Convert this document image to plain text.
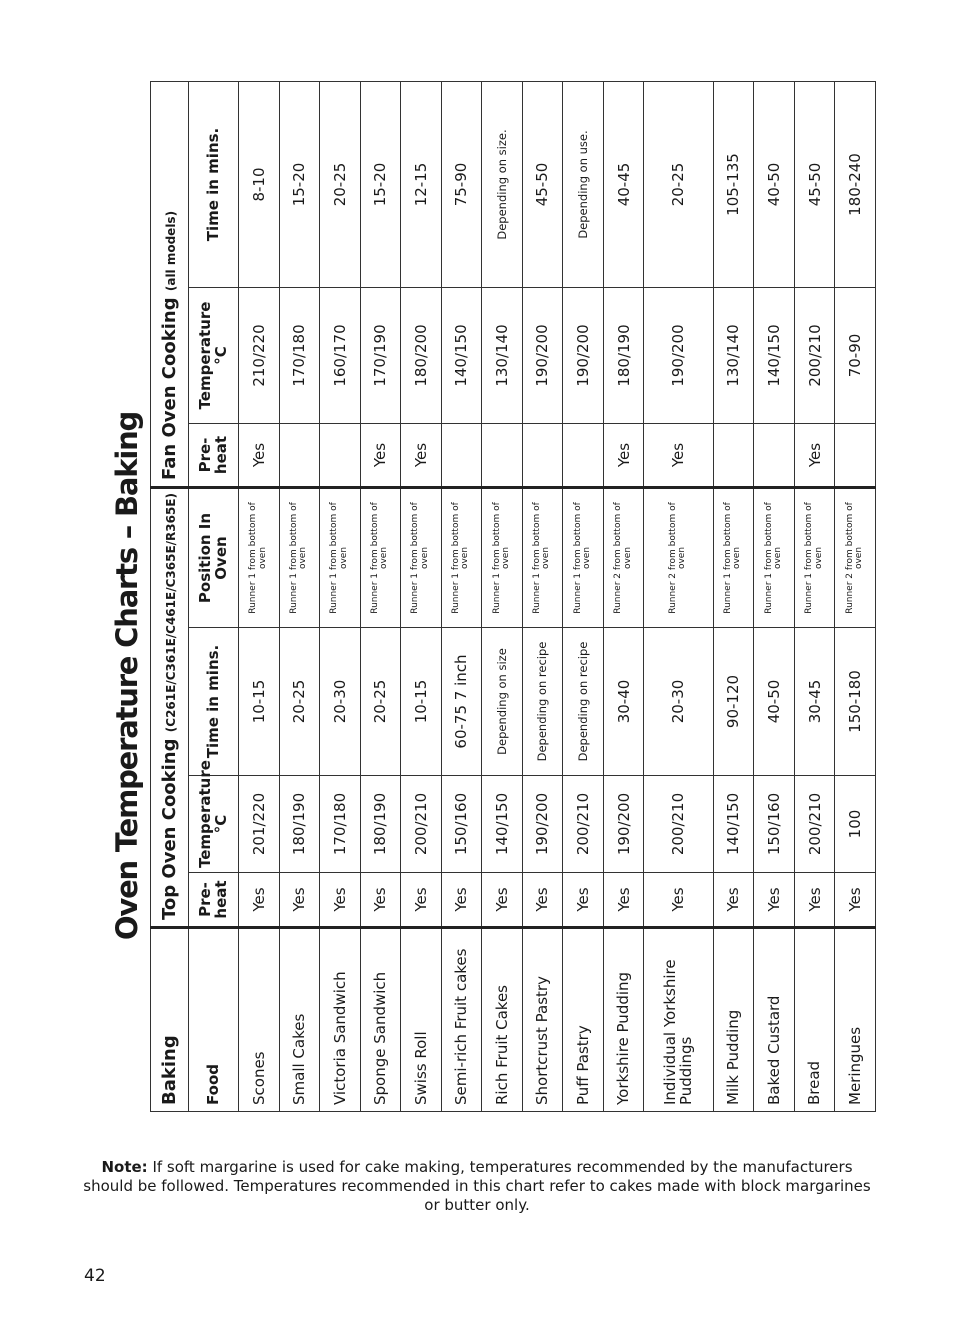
Oven Temperature Charts – Baking
Baking	Top Oven Cooking (C261E/C361E/C461E/C365E/R365E)				Fan Oven Cooking (all models)		
Food	Pre-heat	Temperature °C	Time in mins.	Position In Oven	Pre-heat	Temperature °C	Time in mins.
Scones	Yes	201/220	10-15	Runner 1 from bottom of oven	Yes	210/220	8-10
Small Cakes	Yes	180/190	20-25	Runner 1 from bottom of oven		170/180	15-20
Victoria Sandwich	Yes	170/180	20-30	Runner 1 from bottom of oven		160/170	20-25
Sponge Sandwich	Yes	180/190	20-25	Runner 1 from bottom of oven	Yes	170/190	15-20
Swiss Roll	Yes	200/210	10-15	Runner 1 from bottom of oven	Yes	180/200	12-15
Semi-rich Fruit cakes	Yes	150/160	60-75 7 inch	Runner 1 from bottom of oven		140/150	75-90
Rich Fruit Cakes	Yes	140/150	Depending on size	Runner 1 from bottom of oven		130/140	Depending on size.
Shortcrust Pastry	Yes	190/200	Depending on recipe	Runner 1 from bottom of oven		190/200	45-50
Puff Pastry	Yes	200/210	Depending on recipe	Runner 1 from bottom of oven		190/200	Depending on use.
Yorkshire Pudding	Yes	190/200	30-40	Runner 2 from bottom of oven	Yes	180/190	40-45
Individual Yorkshire Puddings	Yes	200/210	20-30	Runner 2 from bottom of oven	Yes	190/200	20-25
Milk Pudding	Yes	140/150	90-120	Runner 1 from bottom of oven		130/140	105-135
Baked Custard	Yes	150/160	40-50	Runner 1 from bottom of oven		140/150	40-50
Bread	Yes	200/210	30-45	Runner 1 from bottom of oven	Yes	200/210	45-50
Meringues	Yes	100	150-180	Runner 2 from bottom of oven		70-90	180-240
Note: If soft margarine is used for cake making, temperatures recommended by the manufacturers should be followed. Temperatures recommended in this chart refer to cakes made with block margarines or butter only.
42
